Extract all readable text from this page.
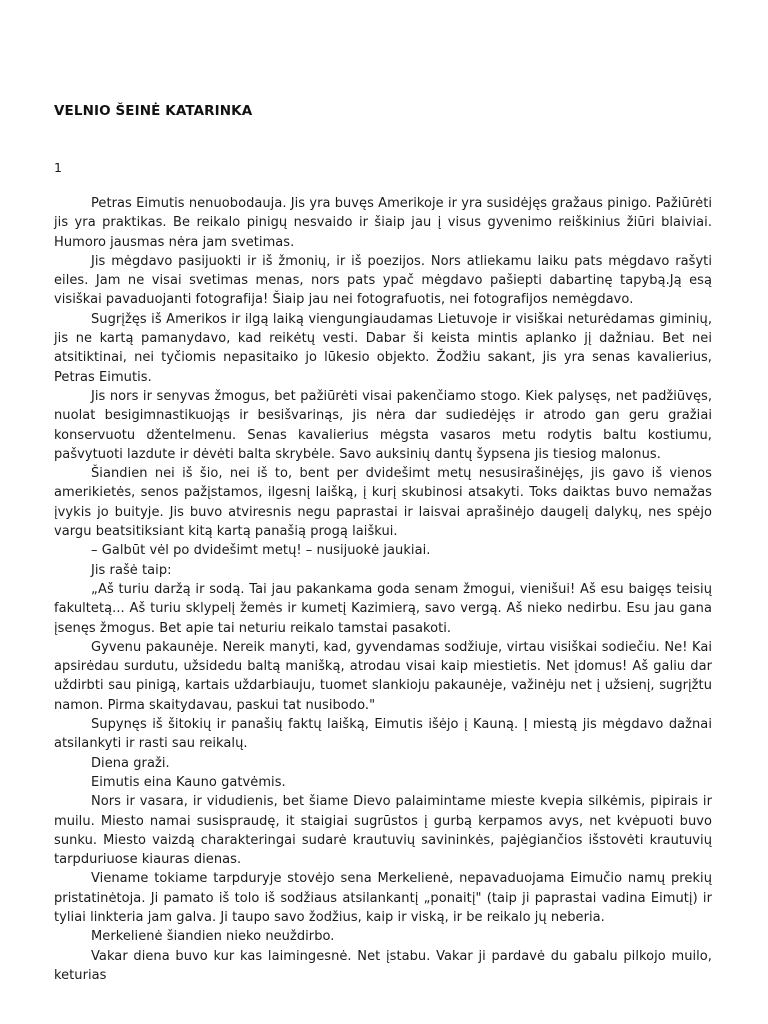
VELNIO ŠEINĖ KATARINKA
1

Petras Eimutis nenuobodauja. Jis yra buvęs Amerikoje ir yra susidėjęs gražaus pinigo. Pažiūrėti jis yra praktikas. Be reikalo pinigų nesvaido ir šiaip jau į visus gyvenimo reiškinius žiūri blaiviai. Humoro jausmas nėra jam svetimas.

Jis mėgdavo pasijuokti ir iš žmonių, ir iš poezijos. Nors atliekamu laiku pats mėgdavo rašyti eiles. Jam ne visai svetimas menas, nors pats ypač mėgdavo pašiepti dabartinę tapybą.Ją esą visiškai pavaduojanti fotografija! Šiaip jau nei fotografuotis, nei fotografijos nemėgdavo.

Sugrįžęs iš Amerikos ir ilgą laiką viengungiaudamas Lietuvoje ir visiškai neturėdamas giminių, jis ne kartą pamanydavo, kad reikėtų vesti. Dabar ši keista mintis aplanko jį dažniau. Bet nei atsitiktinai, nei tyčiomis nepasitaiko jo lūkesio objekto. Žodžiu sakant, jis yra senas kavalierius, Petras Eimutis.

Jis nors ir senyvas žmogus, bet pažiūrėti visai pakenčiamo stogo. Kiek palysęs, net padžiūvęs, nuolat besigimnastikuojąs ir besišvarinąs, jis nėra dar sudiedėjęs ir atrodo gan geru gražiai konservuotu džentelmenu. Senas kavalierius mėgsta vasaros metu rodytis baltu kostiumu, pašvytuoti lazdute ir dėvėti balta skrybėle. Savo auksinių dantų šypsena jis tiesiog malonus.

Šiandien nei iš šio, nei iš to, bent per dvidešimt metų nesusirašinėjęs, jis gavo iš vienos amerikietės, senos pažįstamos, ilgesnį laišką, į kurį skubinosi atsakyti. Toks daiktas buvo nemažas įvykis jo buityje. Jis buvo atviresnis negu paprastai ir laisvai aprašinėjo daugelį dalykų, nes spėjo vargu beatsitiksiant kitą kartą panašią progą laiškui.

– Galbūt vėl po dvidešimt metų! – nusijuokė jaukiai.

Jis rašė taip:

„Aš turiu daržą ir sodą. Tai jau pakankama goda senam žmogui, vienišui! Aš esu baigęs teisių fakultetą... Aš turiu sklypelį žemės ir kumetį Kazimierą, savo vergą. Aš nieko nedirbu. Esu jau gana įsenęs žmogus. Bet apie tai neturiu reikalo tamstai pasakoti.

Gyvenu pakaunėje. Nereik manyti, kad, gyvendamas sodžiuje, virtau visiškai sodiečiu. Ne! Kai apsirėdau surdutu, užsidedu baltą manišką, atrodau visai kaip miestietis. Net įdomus! Aš galiu dar uždirbti sau pinigą, kartais uždarbiauju, tuomet slankioju pakaunėje, važinėju net į užsienį, sugrįžtu namon. Pirma skaitydavau, paskui tat nusibodo."

Supynęs iš šitokių ir panašių faktų laišką, Eimutis išėjo į Kauną. Į miestą jis mėgdavo dažnai atsilankyti ir rasti sau reikalų.

Diena graži.

Eimutis eina Kauno gatvėmis.

Nors ir vasara, ir vidudienis, bet šiame Dievo palaimintame mieste kvepia silkėmis, pipirais ir muilu. Miesto namai susispraudę, it staigiai sugrūstos į gurbą kerpamos avys, net kvėpuoti buvo sunku. Miesto vaizdą charakteringai sudarė krautuvių savininkės, pajėgiančios išstovėti krautuvių tarpduriuose kiauras dienas.

Viename tokiame tarpduryje stovėjo sena Merkelienė, nepavaduojama Eimučio namų prekių pristatinėtoja. Ji pamato iš tolo iš sodžiaus atsilankantį „ponaitį" (taip ji paprastai vadina Eimutį) ir tyliai linkteria jam galva. Ji taupo savo žodžius, kaip ir viską, ir be reikalo jų neberia.

Merkelienė šiandien nieko neuždirbo.

Vakar diena buvo kur kas laimingesnė. Net įstabu. Vakar ji pardavė du gabalu pilkojo muilo, keturias
